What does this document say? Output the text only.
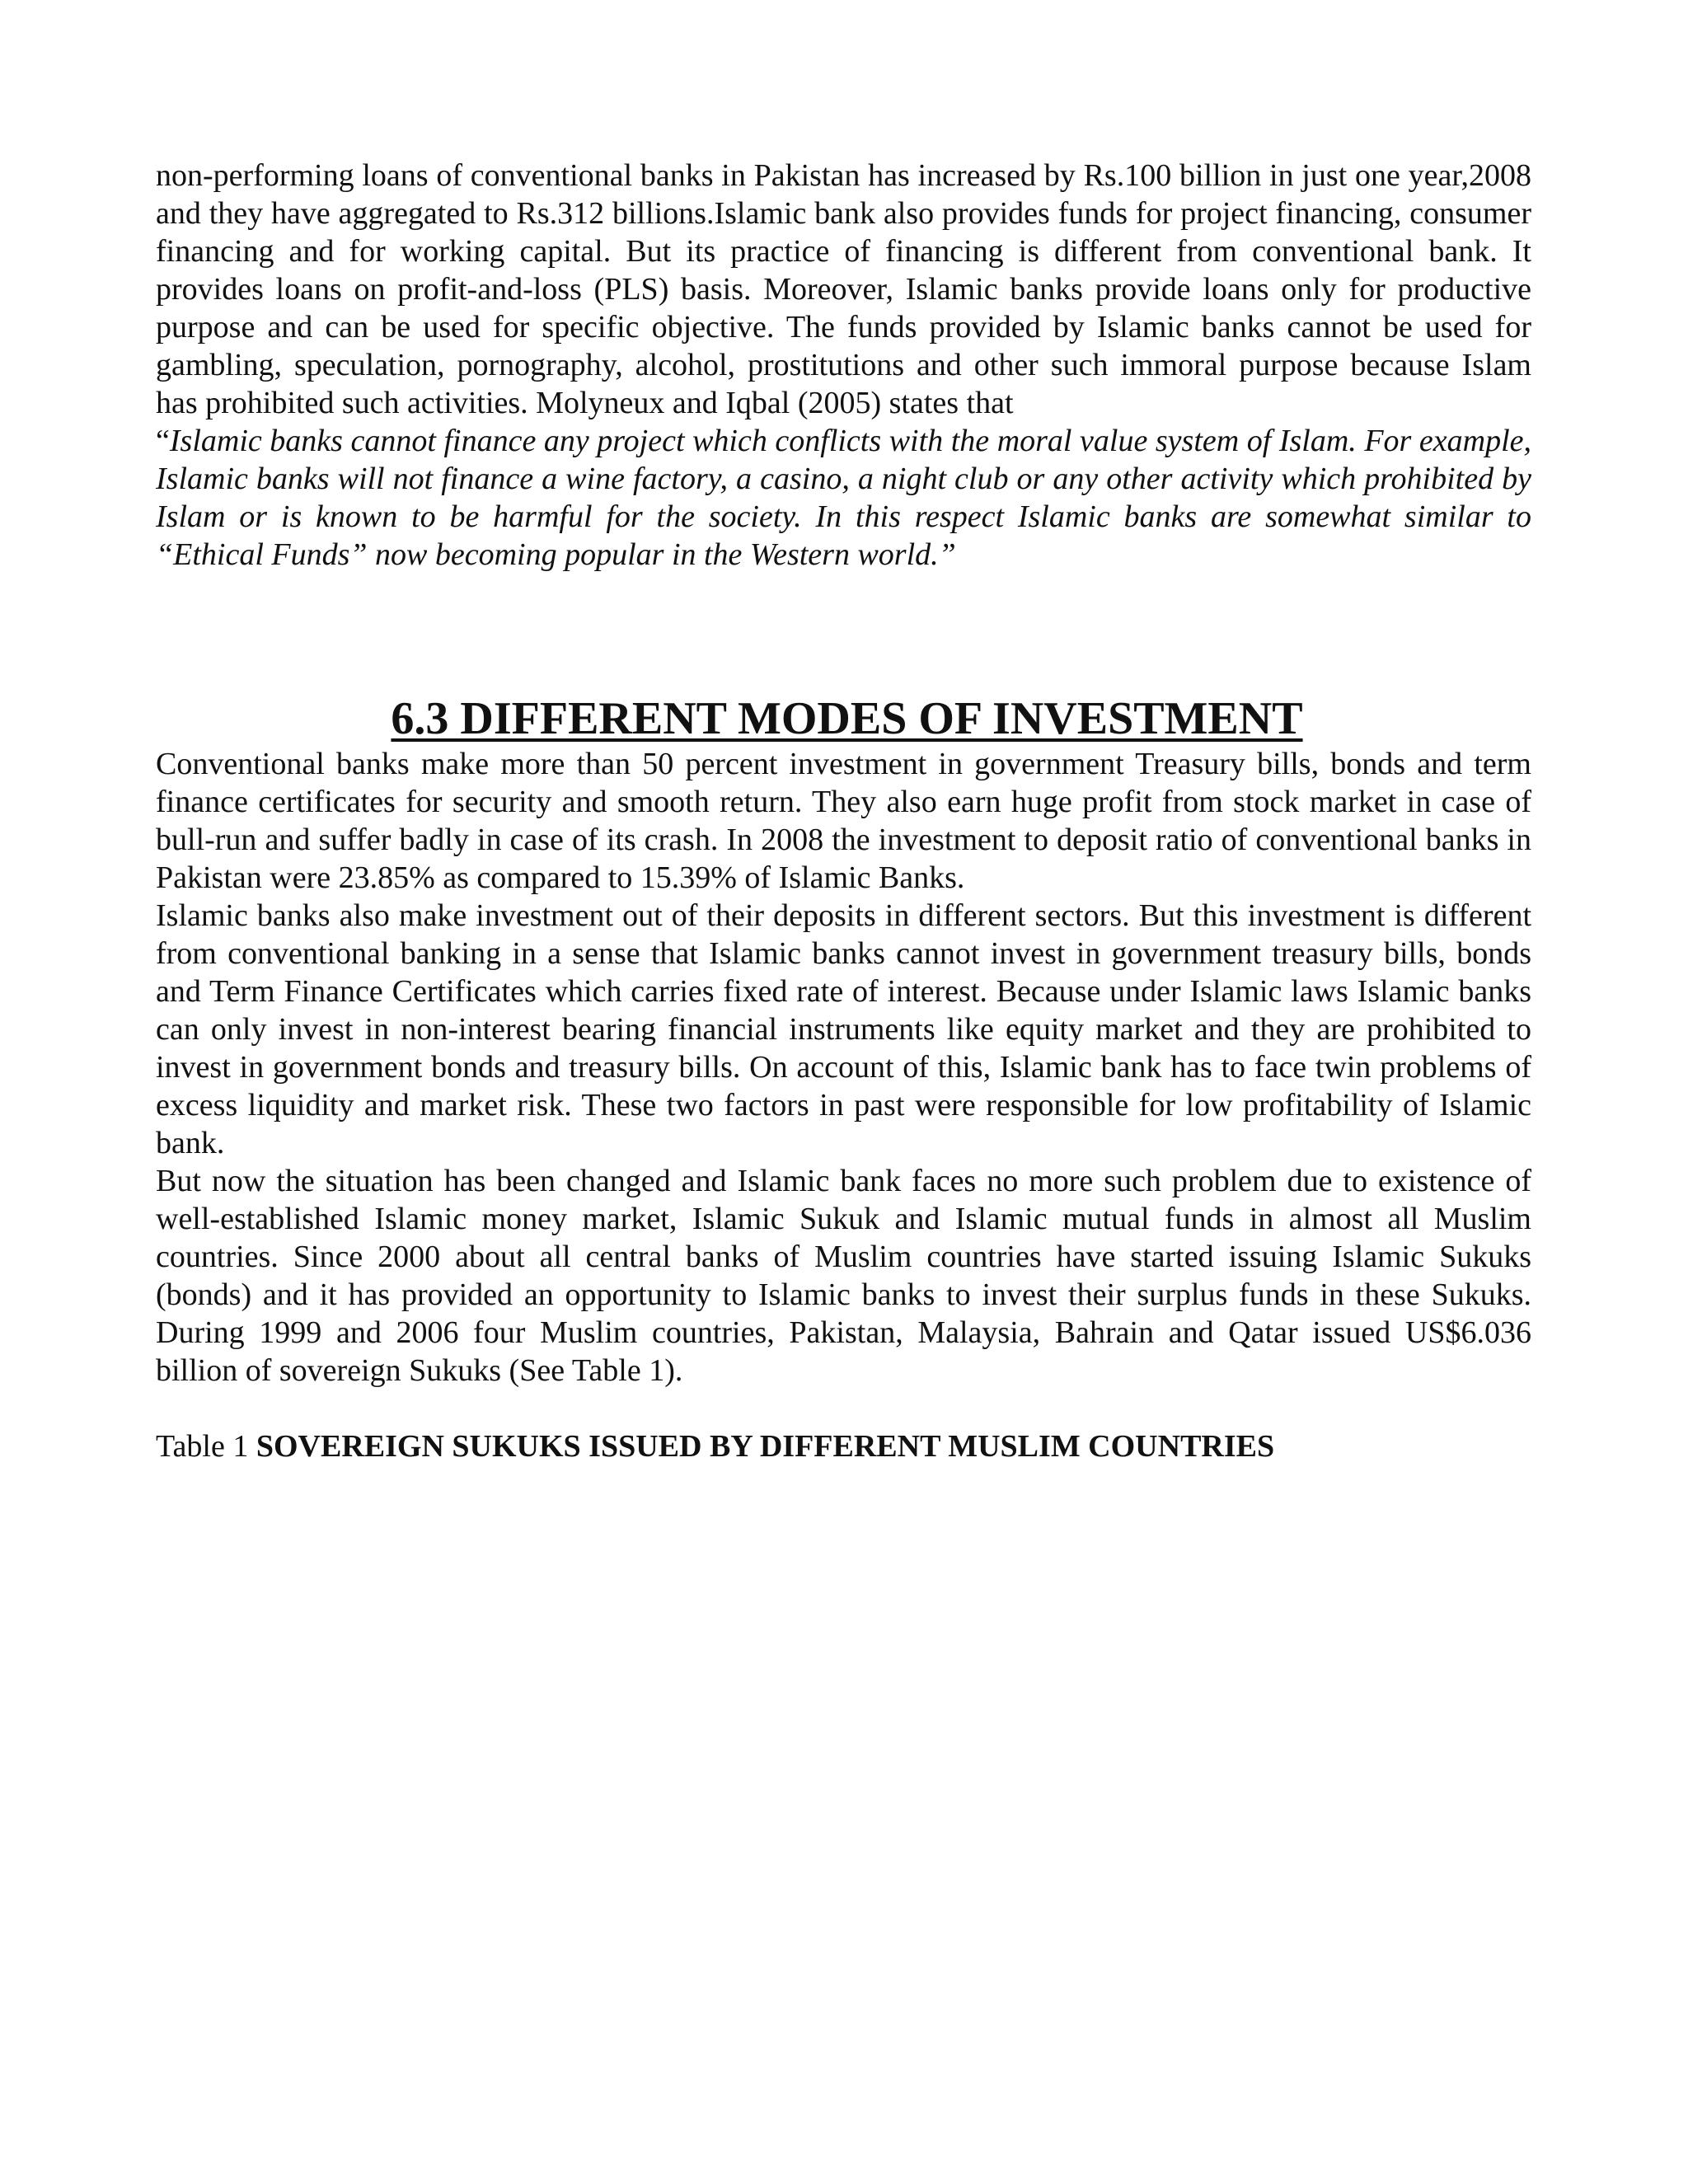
non-performing loans of conventional banks in Pakistan has increased by Rs.100 billion in just one year,2008 and they have aggregated to Rs.312 billions.Islamic bank also provides funds for project financing, consumer financing and for working capital. But its practice of financing is different from conventional bank. It provides loans on profit-and-loss (PLS) basis. Moreover, Islamic banks provide loans only for productive purpose and can be used for specific objective. The funds provided by Islamic banks cannot be used for gambling, speculation, pornography, alcohol, prostitutions and other such immoral purpose because Islam has prohibited such activities. Molyneux and Iqbal (2005) states that

“Islamic banks cannot finance any project which conflicts with the moral value system of Islam. For example, Islamic banks will not finance a wine factory, a casino, a night club or any other activity which prohibited by Islam or is known to be harmful for the society. In this respect Islamic banks are somewhat similar to “Ethical Funds” now becoming popular in the Western world.”

6.3 DIFFERENT MODES OF INVESTMENT

Conventional banks make more than 50 percent investment in government Treasury bills, bonds and term finance certificates for security and smooth return. They also earn huge profit from stock market in case of bull-run and suffer badly in case of its crash. In 2008 the investment to deposit ratio of conventional banks in Pakistan were 23.85% as compared to 15.39% of Islamic Banks.

Islamic banks also make investment out of their deposits in different sectors. But this investment is different from conventional banking in a sense that Islamic banks cannot invest in government treasury bills, bonds and Term Finance Certificates which carries fixed rate of interest. Because under Islamic laws Islamic banks can only invest in non-interest bearing financial instruments like equity market and they are prohibited to invest in government bonds and treasury bills. On account of this, Islamic bank has to face twin problems of excess liquidity and market risk. These two factors in past were responsible for low profitability of Islamic bank.

But now the situation has been changed and Islamic bank faces no more such problem due to existence of well-established Islamic money market, Islamic Sukuk and Islamic mutual funds in almost all Muslim countries. Since 2000 about all central banks of Muslim countries have started issuing Islamic Sukuks (bonds) and it has provided an opportunity to Islamic banks to invest their surplus funds in these Sukuks. During 1999 and 2006 four Muslim countries, Pakistan, Malaysia, Bahrain and Qatar issued US$6.036 billion of sovereign Sukuks (See Table 1).

Table 1 SOVEREIGN SUKUKS ISSUED BY DIFFERENT MUSLIM COUNTRIES
